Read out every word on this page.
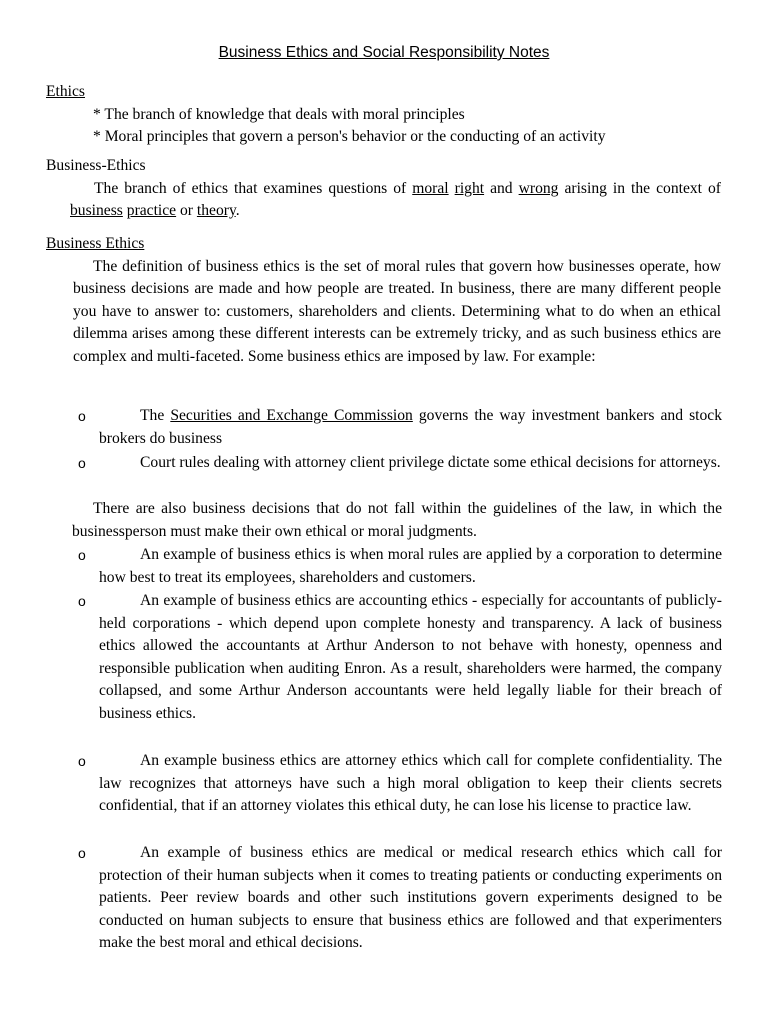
Business Ethics and Social Responsibility Notes
Ethics
* The branch of knowledge that deals with moral principles
* Moral principles that govern a person's behavior or the conducting of an activity
Business-Ethics
The branch of ethics that examines questions of moral right and wrong arising in the context of business practice or theory.
Business Ethics
The definition of business ethics is the set of moral rules that govern how businesses operate, how business decisions are made and how people are treated. In business, there are many different people you have to answer to: customers, shareholders and clients. Determining what to do when an ethical dilemma arises among these different interests can be extremely tricky, and as such business ethics are complex and multi-faceted. Some business ethics are imposed by law. For example:
o	The Securities and Exchange Commission governs the way investment bankers and stock brokers do business
o	Court rules dealing with attorney client privilege dictate some ethical decisions for attorneys.
There are also business decisions that do not fall within the guidelines of the law, in which the businessperson must make their own ethical or moral judgments.
o	An example of business ethics is when moral rules are applied by a corporation to determine how best to treat its employees, shareholders and customers.
o	An example of business ethics are accounting ethics - especially for accountants of publicly-held corporations - which depend upon complete honesty and transparency. A lack of business ethics allowed the accountants at Arthur Anderson to not behave with honesty, openness and responsible publication when auditing Enron. As a result, shareholders were harmed, the company collapsed, and some Arthur Anderson accountants were held legally liable for their breach of business ethics.
o	An example business ethics are attorney ethics which call for complete confidentiality. The law recognizes that attorneys have such a high moral obligation to keep their clients secrets confidential, that if an attorney violates this ethical duty, he can lose his license to practice law.
o	An example of business ethics are medical or medical research ethics which call for protection of their human subjects when it comes to treating patients or conducting experiments on patients. Peer review boards and other such institutions govern experiments designed to be conducted on human subjects to ensure that business ethics are followed and that experimenters make the best moral and ethical decisions.
